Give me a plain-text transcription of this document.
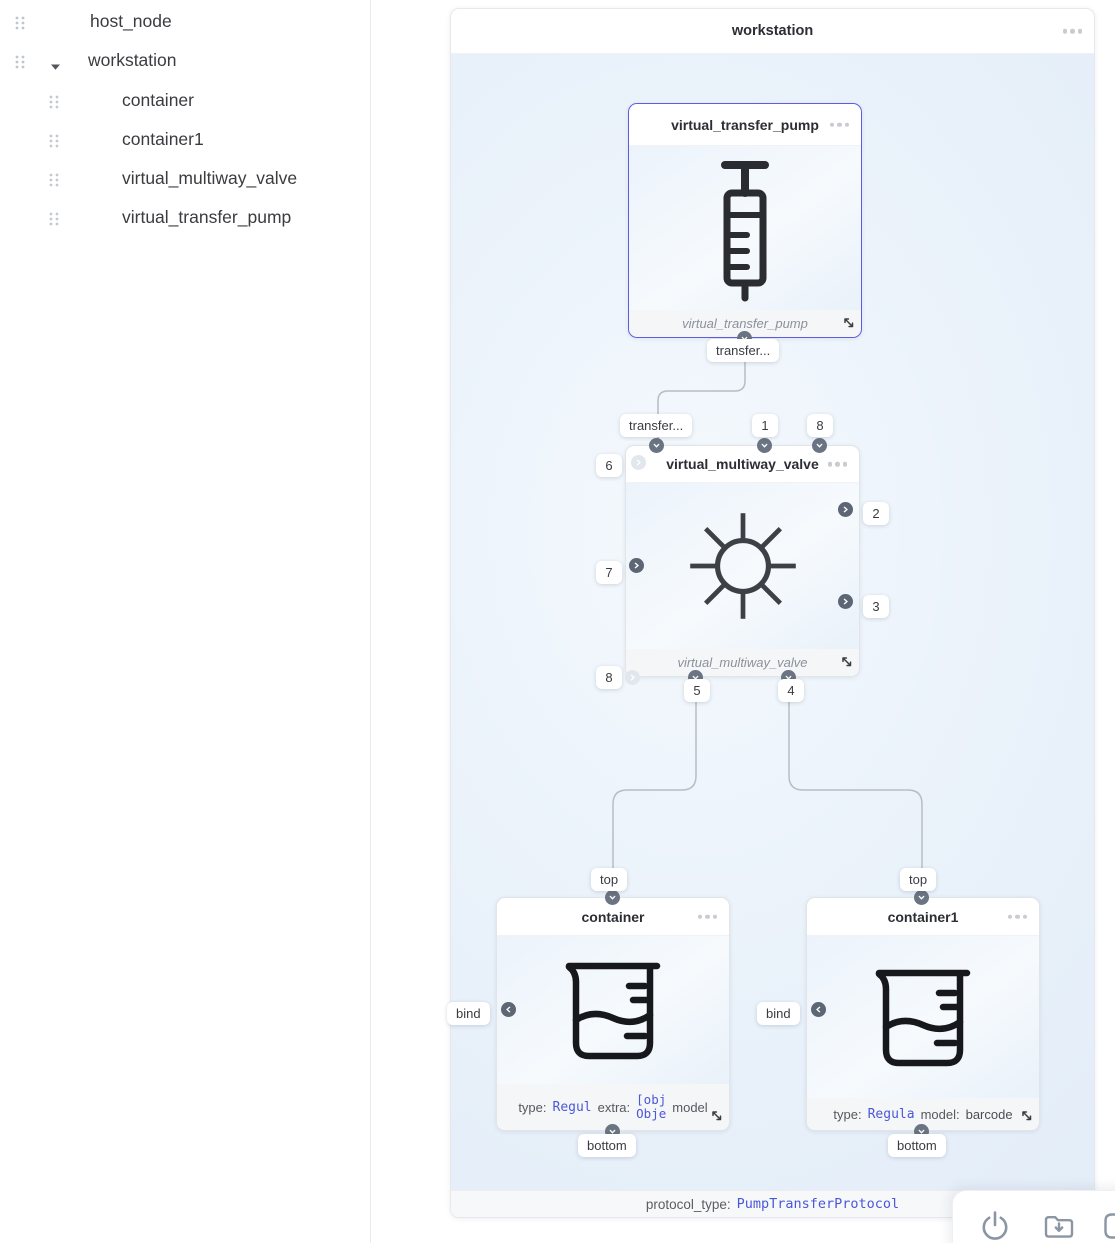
host_node
workstation
container
container1
virtual_multiway_valve
virtual_transfer_pump
workstation
protocol_type: PumpTransferProtocol
virtual_transfer_pump
virtual_transfer_pump
transfer...
virtual_multiway_valve
virtual_multiway_valve
transfer...	1	8
6
2
7
3
8
5	4
container
type: Regul extra: [obj
Obje model
top
bind
bottom
container1
type: Regula model: barcode
top
bind
bottom
